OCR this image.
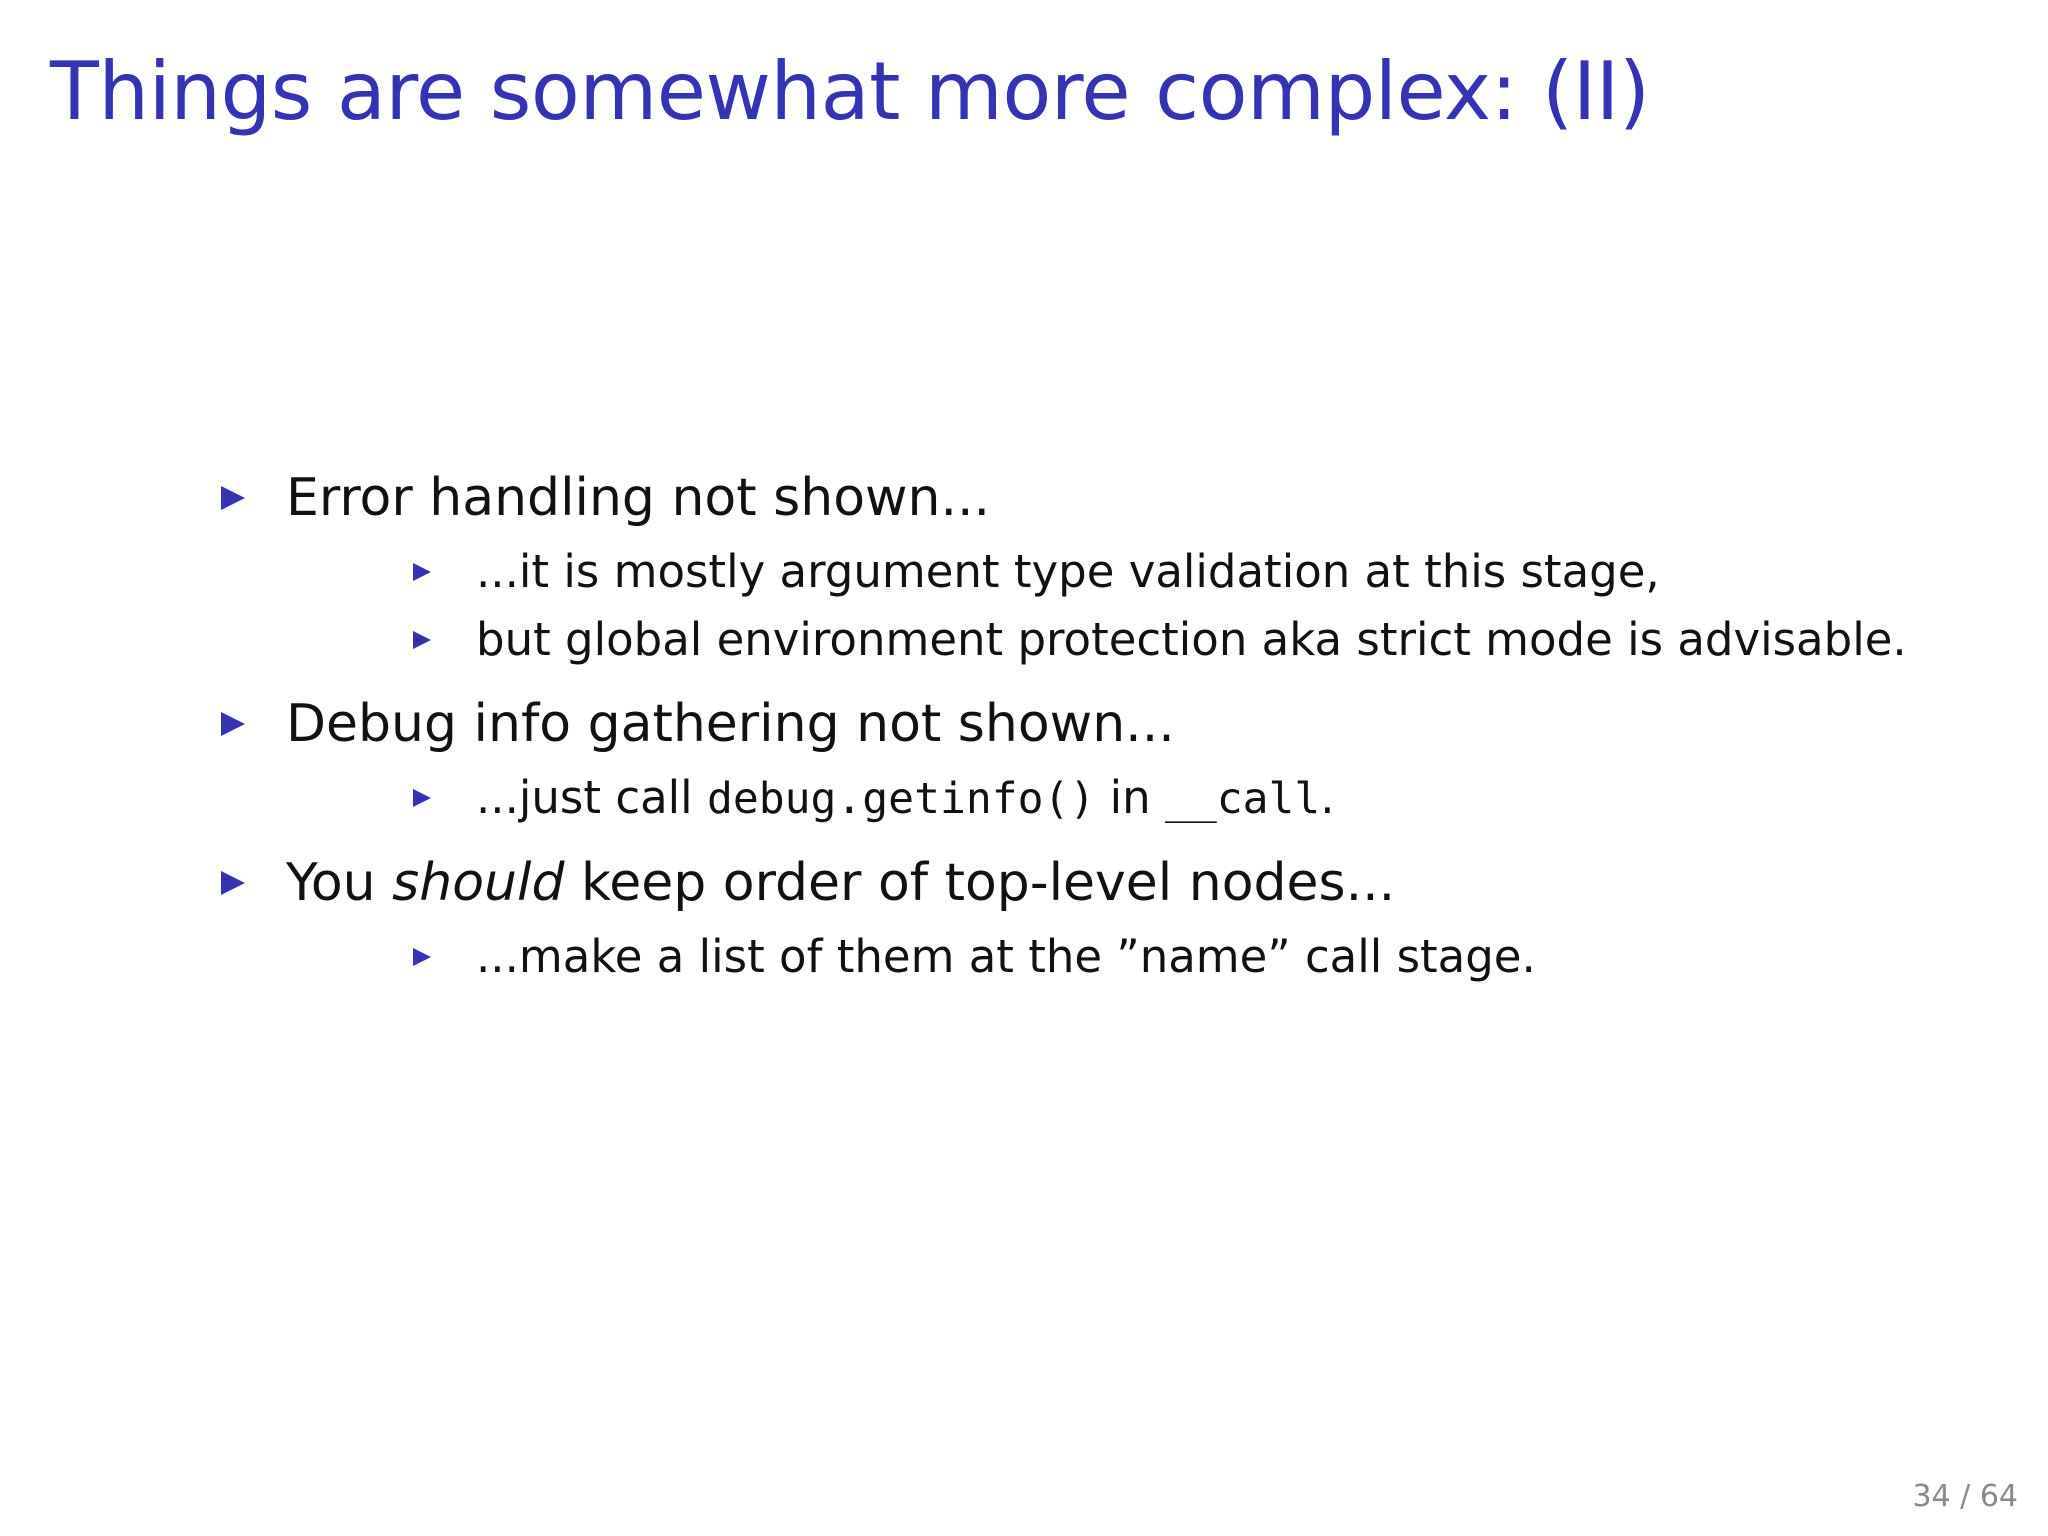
Things are somewhat more complex: (II)
Error handling not shown...
...it is mostly argument type validation at this stage,
but global environment protection aka strict mode is advisable.
Debug info gathering not shown...
...just call debug.getinfo() in __call.
You should keep order of top-level nodes...
...make a list of them at the ”name” call stage.
34 / 64
